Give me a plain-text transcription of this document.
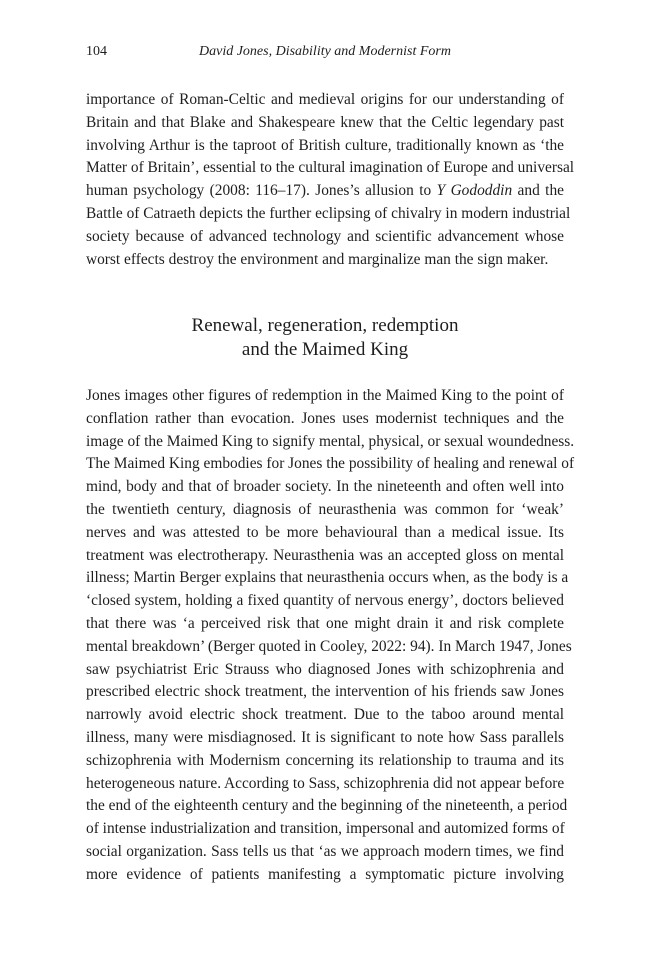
104	David Jones, Disability and Modernist Form
importance of Roman-Celtic and medieval origins for our understanding of
Britain and that Blake and Shakespeare knew that the Celtic legendary past
involving Arthur is the taproot of British culture, traditionally known as ‘the
Matter of Britain’, essential to the cultural imagination of Europe and universal
human psychology (2008: 116–17). Jones’s allusion to Y Gododdin and the
Battle of Catraeth depicts the further eclipsing of chivalry in modern industrial
society because of advanced technology and scientific advancement whose
worst effects destroy the environment and marginalize man the sign maker.
Renewal, regeneration, redemption
and the Maimed King
Jones images other figures of redemption in the Maimed King to the point of
conflation rather than evocation. Jones uses modernist techniques and the
image of the Maimed King to signify mental, physical, or sexual woundedness.
The Maimed King embodies for Jones the possibility of healing and renewal of
mind, body and that of broader society. In the nineteenth and often well into
the twentieth century, diagnosis of neurasthenia was common for ‘weak’
nerves and was attested to be more behavioural than a medical issue. Its
treatment was electrotherapy. Neurasthenia was an accepted gloss on mental
illness; Martin Berger explains that neurasthenia occurs when, as the body is a
‘closed system, holding a fixed quantity of nervous energy’, doctors believed
that there was ‘a perceived risk that one might drain it and risk complete
mental breakdown’ (Berger quoted in Cooley, 2022: 94). In March 1947, Jones
saw psychiatrist Eric Strauss who diagnosed Jones with schizophrenia and
prescribed electric shock treatment, the intervention of his friends saw Jones
narrowly avoid electric shock treatment. Due to the taboo around mental
illness, many were misdiagnosed. It is significant to note how Sass parallels
schizophrenia with Modernism concerning its relationship to trauma and its
heterogeneous nature. According to Sass, schizophrenia did not appear before
the end of the eighteenth century and the beginning of the nineteenth, a period
of intense industrialization and transition, impersonal and automized forms of
social organization. Sass tells us that ‘as we approach modern times, we find
more evidence of patients manifesting a symptomatic picture involving
